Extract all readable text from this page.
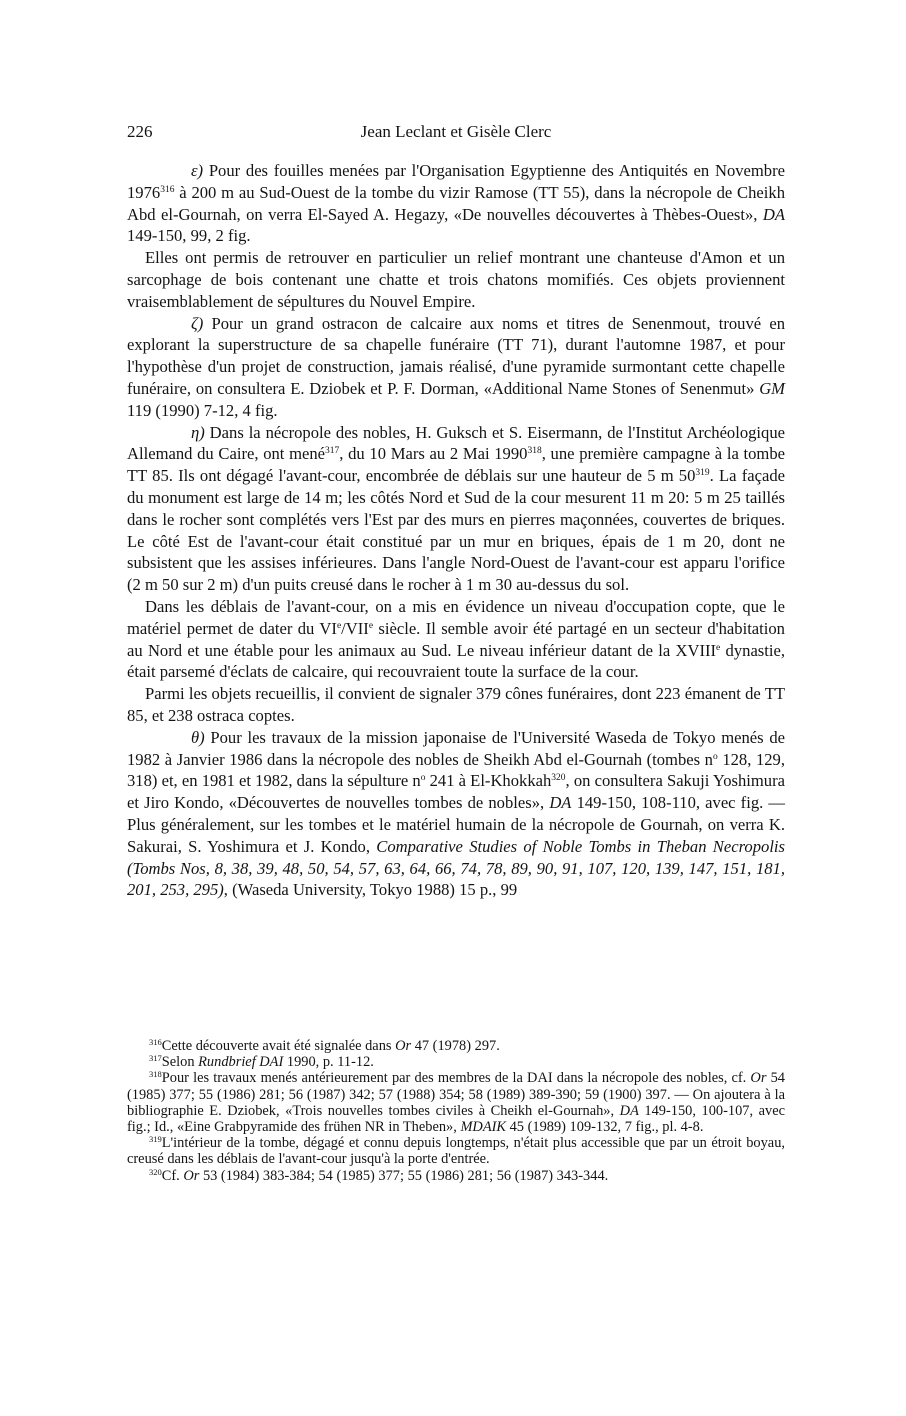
226	Jean Leclant et Gisèle Clerc

ε) Pour des fouilles menées par l'Organisation Egyptienne des Antiquités en Novembre 1976$^{316}$ à 200 m au Sud-Ouest de la tombe du vizir Ramose (TT 55), dans la nécropole de Cheikh Abd el-Gournah, on verra El-Sayed A. Hegazy, «De nouvelles découvertes à Thèbes-Ouest», DA 149-150, 99, 2 fig.

Elles ont permis de retrouver en particulier un relief montrant une chanteuse d'Amon et un sarcophage de bois contenant une chatte et trois chatons momifiés. Ces objets proviennent vraisemblablement de sépultures du Nouvel Empire.

ζ) Pour un grand ostracon de calcaire aux noms et titres de Senenmout, trouvé en explorant la superstructure de sa chapelle funéraire (TT 71), durant l'automne 1987, et pour l'hypothèse d'un projet de construction, jamais réalisé, d'une pyramide surmontant cette chapelle funéraire, on consultera E. Dziobek et P. F. Dorman, «Additional Name Stones of Senenmut» GM 119 (1990) 7-12, 4 fig.

η) Dans la nécropole des nobles, H. Guksch et S. Eisermann, de l'Institut Archéologique Allemand du Caire, ont mené$^{317}$, du 10 Mars au 2 Mai 1990$^{318}$, une première campagne à la tombe TT 85. Ils ont dégagé l'avant-cour, encombrée de déblais sur une hauteur de 5 m $50^{319}$. La façade du monument est large de 14 m; les côtés Nord et Sud de la cour mesurent 11 m 20: 5 m 25 taillés dans le rocher sont complétés vers l'Est par des murs en pierres maçonnées, couvertes de briques. Le côté Est de l'avant-cour était constitué par un mur en briques, épais de 1 m 20, dont ne subsistent que les assises inférieures. Dans l'angle Nord-Ouest de l'avant-cour est apparu l'orifice (2 m 50 sur 2 m) d'un puits creusé dans le rocher à 1 m 30 au-dessus du sol.

Dans les déblais de l'avant-cour, on a mis en évidence un niveau d'occupation copte, que le matériel permet de dater du VIe/VIIe siècle. Il semble avoir été partagé en un secteur d'habitation au Nord et une étable pour les animaux au Sud. Le niveau inférieur datant de la XVIIIe dynastie, était parsemé d'éclats de calcaire, qui recouvraient toute la surface de la cour.

Parmi les objets recueillis, il convient de signaler 379 cônes funéraires, dont 223 émanent de TT 85, et 238 ostraca coptes.

θ) Pour les travaux de la mission japonaise de l'Université Waseda de Tokyo menés de 1982 à Janvier 1986 dans la nécropole des nobles de Sheikh Abd el-Gournah (tombes $n^o$ 128, 129, 318) et, en 1981 et 1982, dans la sépulture $n^o$ 241 à El-Khokkah$^{320}$, on consultera Sakuji Yoshimura et Jiro Kondo, «Découvertes de nouvelles tombes de nobles», DA 149-150, 108-110, avec fig. — Plus généralement, sur les tombes et le matériel humain de la nécropole de Gournah, on verra K. Sakurai, S. Yoshimura et J. Kondo, Comparative Studies of Noble Tombs in Theban Necropolis (Tombs Nos, 8, 38, 39, 48, 50, 54, 57, 63, 64, 66, 74, 78, 89, 90, 91, 107, 120, 139, 147, 151, 181, 201, 253, 295), (Waseda University, Tokyo 1988) 15 p., 99

$^{316}$Cette découverte avait été signalée dans Or 47 (1978) 297.

$^{317}$Selon Rundbrief DAI 1990, p. 11-12.

$^{318}$Pour les travaux menés antérieurement par des membres de la DAI dans la nécropole des nobles, cf. Or 54 (1985) 377; 55 (1986) 281; 56 (1987) 342; 57 (1988) 354; 58 (1989) 389-390; 59 (1900) 397. — On ajoutera à la bibliographie E. Dziobek, «Trois nouvelles tombes civiles à Cheikh el-Gournah», DA 149-150, 100-107, avec fig.; Id., «Eine Grabpyramide des frühen NR in Theben», MDAIK 45 (1989) 109-132, 7 fig., pl. 4-8.

$^{319}$L'intérieur de la tombe, dégagé et connu depuis longtemps, n'était plus accessible que par un étroit boyau, creusé dans les déblais de l'avant-cour jusqu'à la porte d'entrée.

$^{320}$Cf. Or 53 (1984) 383-384; 54 (1985) 377; 55 (1986) 281; 56 (1987) 343-344.
